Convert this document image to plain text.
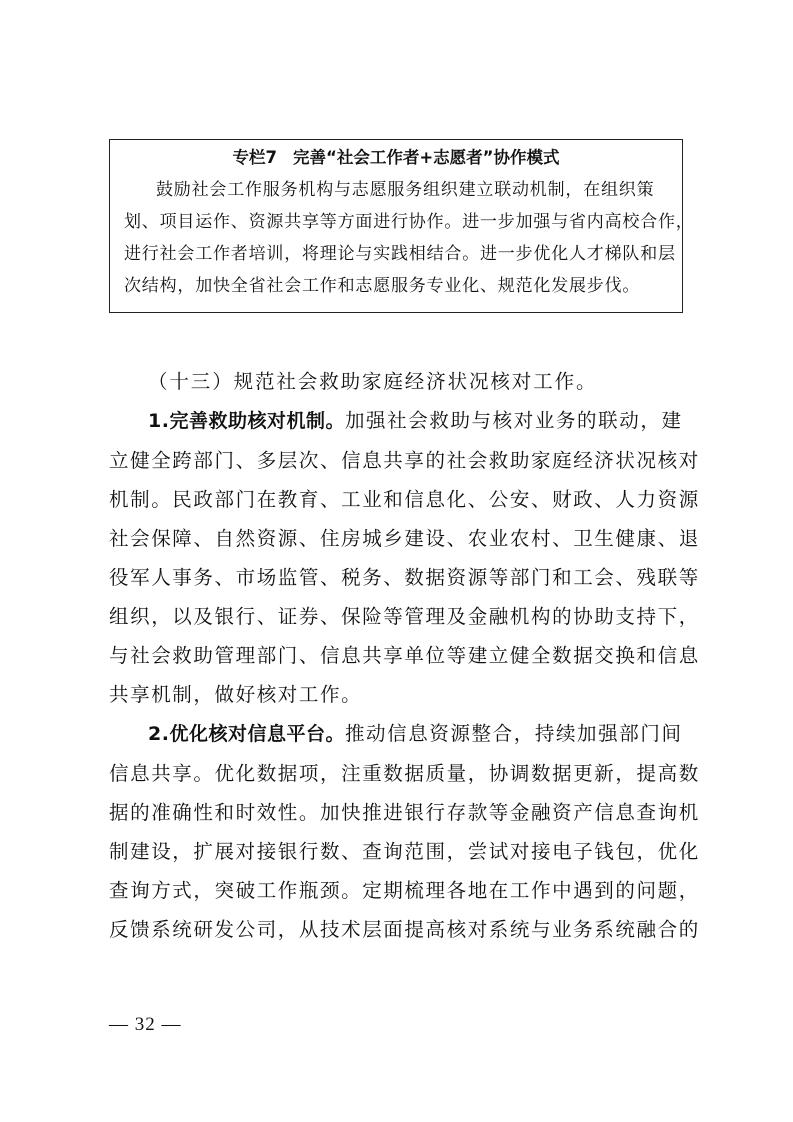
专栏7 完善“社会工作者+志愿者”协作模式
鼓励社会工作服务机构与志愿服务组织建立联动机制，在组织策
划、项目运作、资源共享等方面进行协作。进一步加强与省内高校合作，
进行社会工作者培训，将理论与实践相结合。进一步优化人才梯队和层
次结构，加快全省社会工作和志愿服务专业化、规范化发展步伐。
（十三）规范社会救助家庭经济状况核对工作。
1.完善救助核对机制。加强社会救助与核对业务的联动，建
立健全跨部门、多层次、信息共享的社会救助家庭经济状况核对
机制。民政部门在教育、工业和信息化、公安、财政、人力资源
社会保障、自然资源、住房城乡建设、农业农村、卫生健康、退
役军人事务、市场监管、税务、数据资源等部门和工会、残联等
组织，以及银行、证券、保险等管理及金融机构的协助支持下，
与社会救助管理部门、信息共享单位等建立健全数据交换和信息
共享机制，做好核对工作。
2.优化核对信息平台。推动信息资源整合，持续加强部门间
信息共享。优化数据项，注重数据质量，协调数据更新，提高数
据的准确性和时效性。加快推进银行存款等金融资产信息查询机
制建设，扩展对接银行数、查询范围，尝试对接电子钱包，优化
查询方式，突破工作瓶颈。定期梳理各地在工作中遇到的问题，
反馈系统研发公司，从技术层面提高核对系统与业务系统融合的
— 32 —
